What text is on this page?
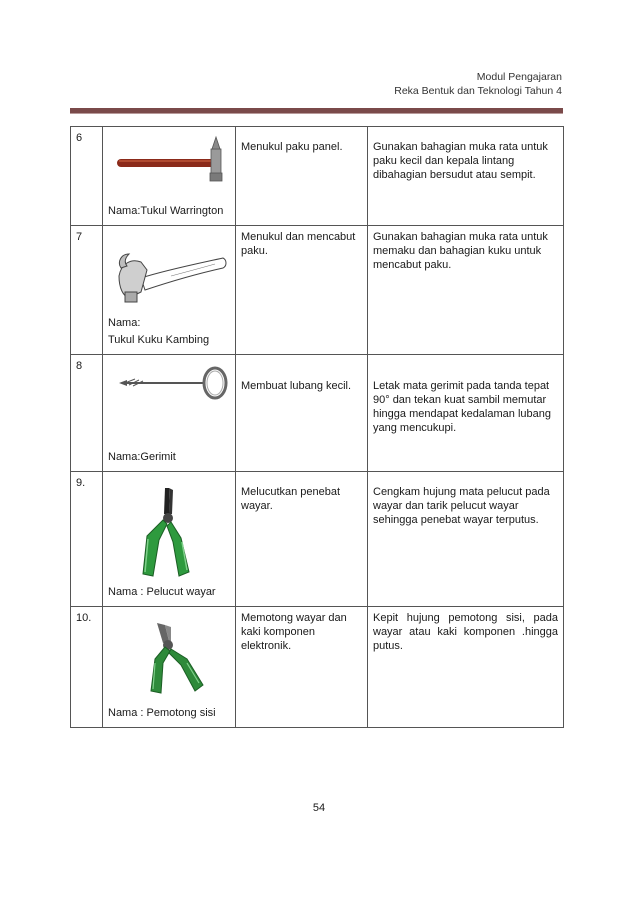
Modul Pengajaran
Reka Bentuk dan Teknologi Tahun 4
6	Nama:Tukul Warrington	Menukul paku panel.	Gunakan bahagian muka rata untuk paku kecil dan kepala lintang dibahagian bersudut atau sempit.
7	Nama:
Tukul Kuku Kambing	Menukul dan mencabut paku.	Gunakan bahagian muka rata untuk memaku dan bahagian kuku untuk mencabut paku.
8	Nama:Gerimit	Membuat lubang kecil.	Letak mata gerimit pada tanda tepat 90° dan tekan kuat sambil memutar hingga mendapat kedalaman lubang yang mencukupi.
9.	Nama : Pelucut wayar	Melucutkan penebat wayar.	Cengkam hujung mata pelucut pada wayar dan tarik pelucut wayar sehingga penebat wayar terputus.
10.	Nama : Pemotong sisi	Memotong wayar dan kaki komponen elektronik.	Kepit hujung pemotong sisi, pada wayar atau kaki komponen .hingga putus.
54
